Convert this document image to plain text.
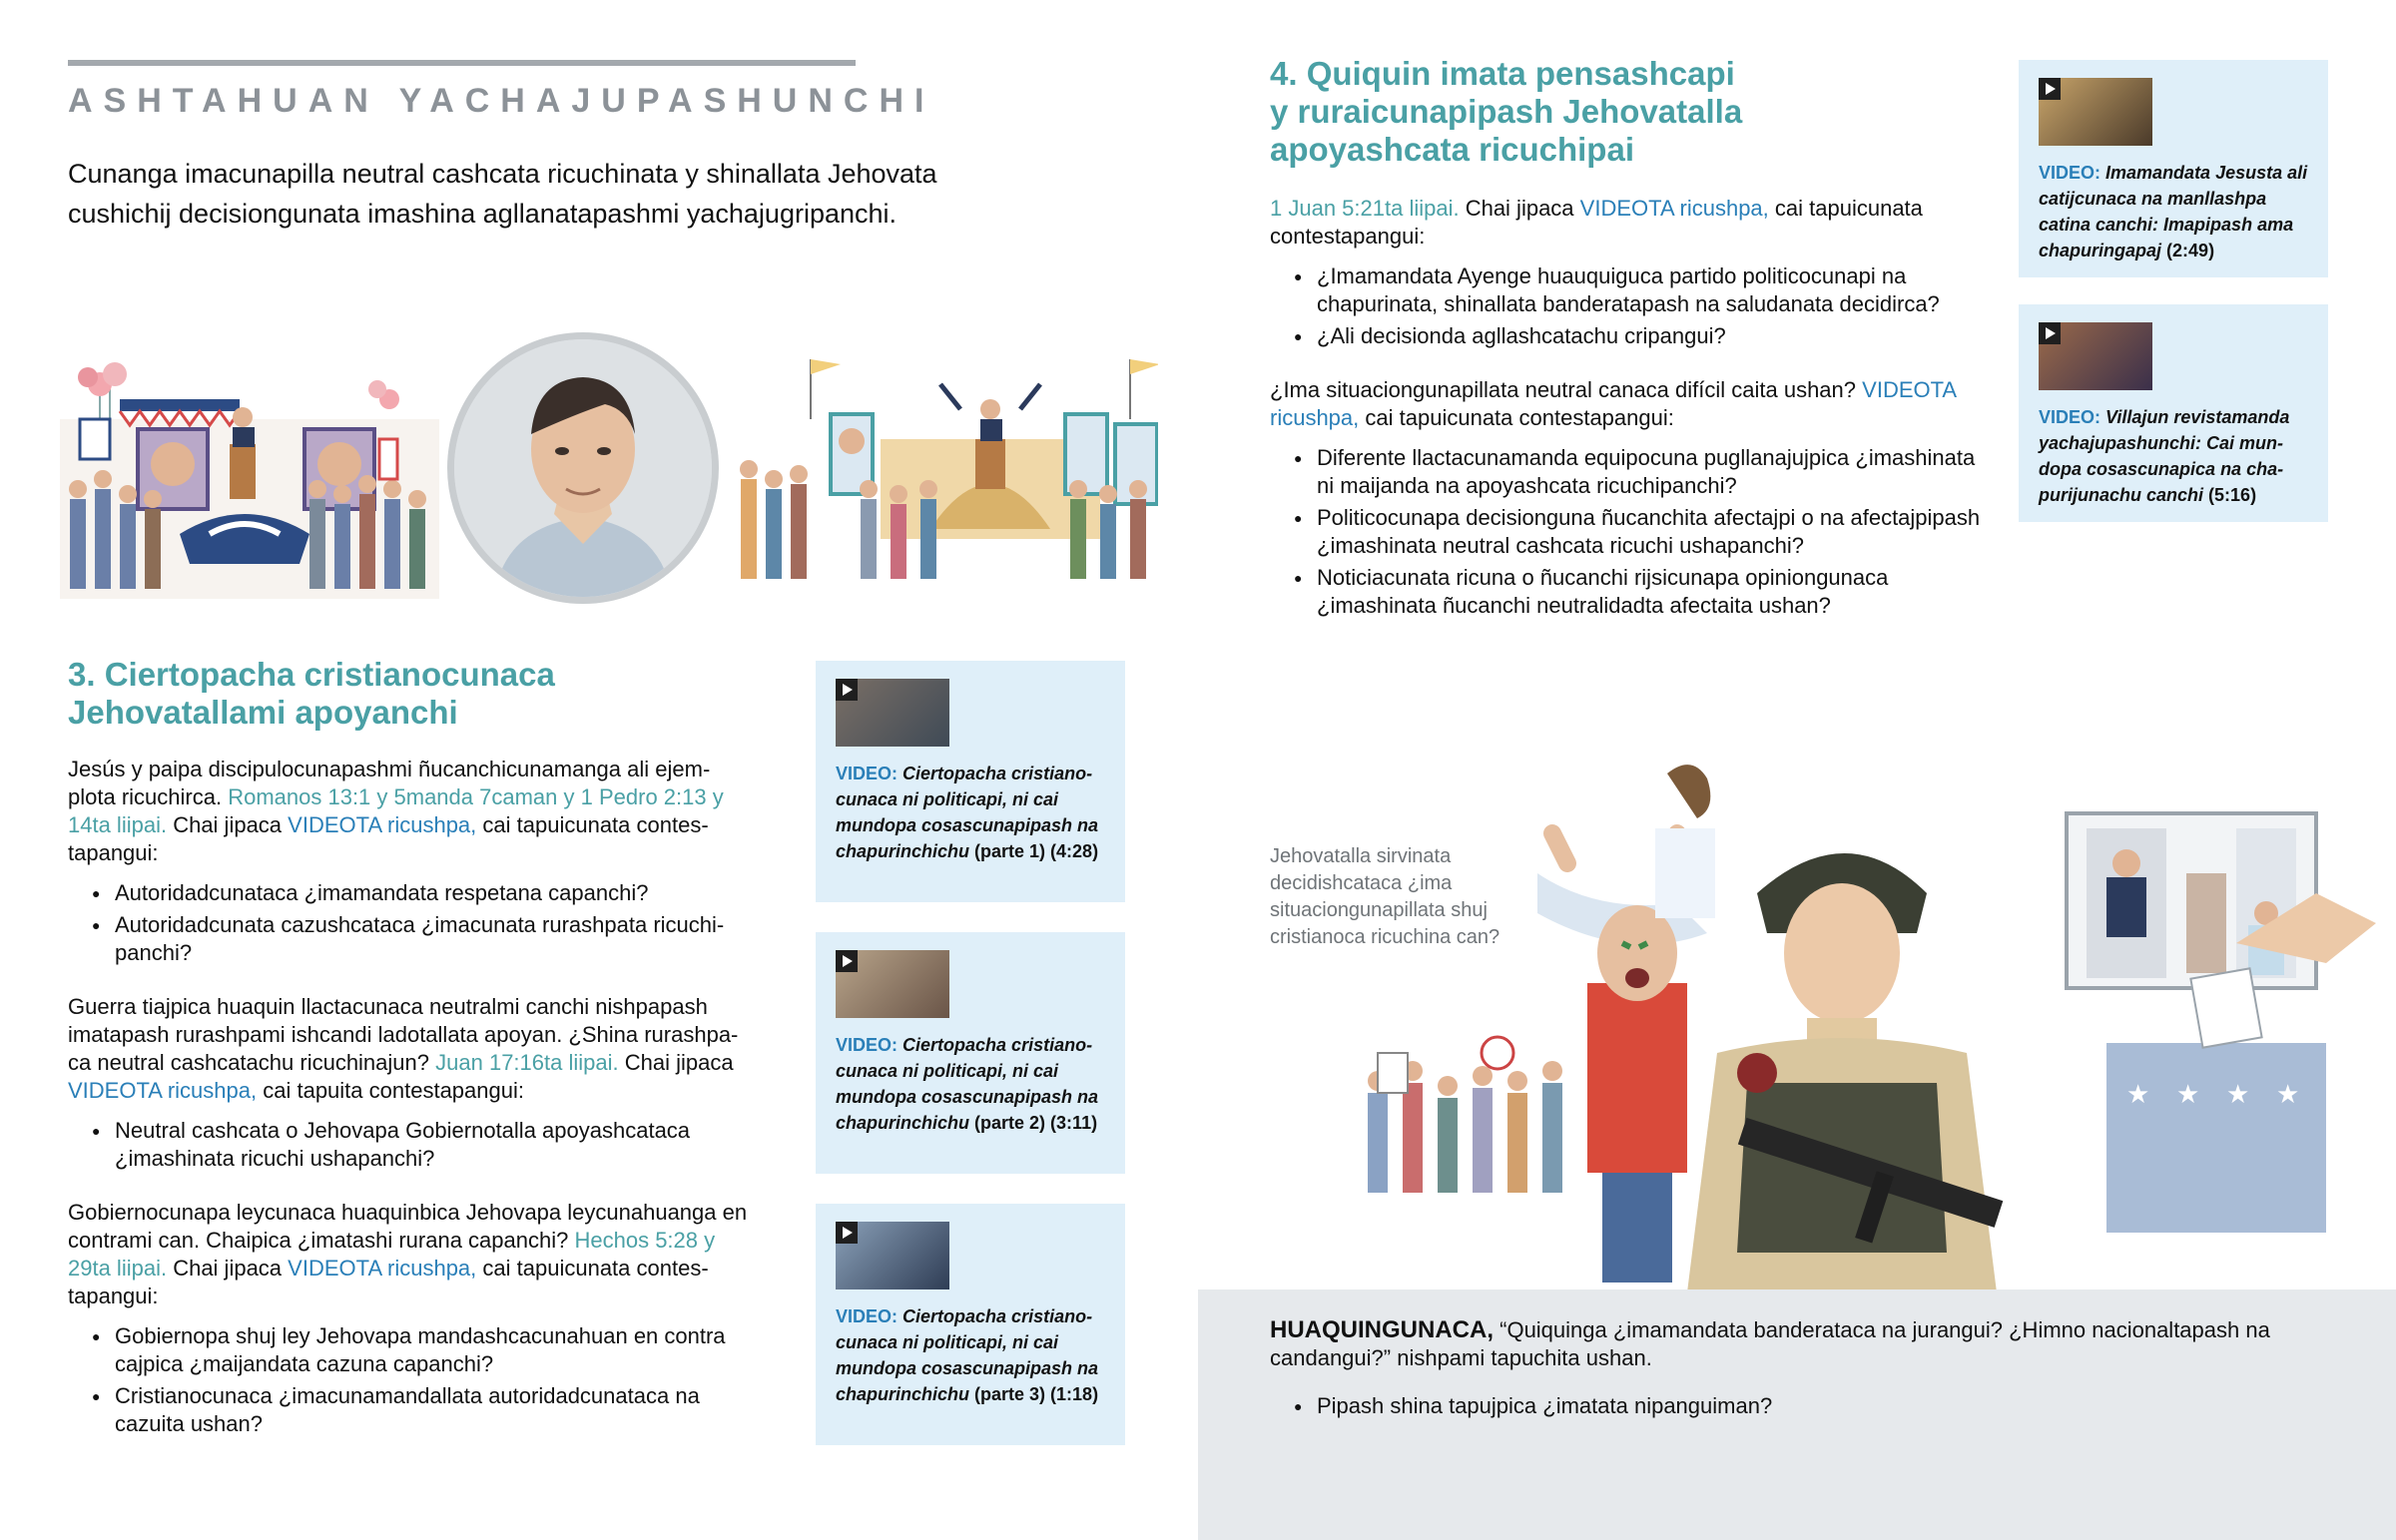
ASHTAHUAN YACHAJUPASHUNCHI
Cunanga imacunapilla neutral cashcata ricuchinata y shinallata Jehovata cushichij decisiongunata imashina agllanatapashmi yachajugripanchi.
3. Ciertopacha cristianocunaca
Jehovatallami apoyanchi

Jesús y paipa discipulocunapashmi ñucanchicunamanga ali ejem-plota ricuchirca. Romanos 13:1 y 5manda 7caman y 1 Pedro 2:13 y 14ta liipai. Chai jipaca VIDEOTA ricushpa, cai tapuicunata contes-tapangui:

● Autoridadcunataca ¿imamandata respetana capanchi?
● Autoridadcunata cazushcataca ¿imacunata rurashpata ricuchi-panchi?

Guerra tiajpica huaquin llactacunaca neutralmi canchi nishpapash imatapash rurashpami ishcandi ladotallata apoyan. ¿Shina rurashpa-ca neutral cashcatachu ricuchinajun? Juan 17:16ta liipai. Chai jipaca VIDEOTA ricushpa, cai tapuita contestapangui:

● Neutral cashcata o Jehovapa Gobiernotalla apoyashcataca ¿imashinata ricuchi ushapanchi?

Gobiernocunapa leycunaca huaquinbica Jehovapa leycunahuanga en contrami can. Chaipica ¿imatashi rurana capanchi? Hechos 5:28 y 29ta liipai. Chai jipaca VIDEOTA ricushpa, cai tapuicunata contes-tapangui:

● Gobiernopa shuj ley Jehovapa mandashcacunahuan en contra cajpica ¿maijandata cazuna capanchi?
● Cristianocunaca ¿imacunamandallata autoridadcunataca na cazuita ushan?
VIDEO: Ciertopacha cristiano-cunaca ni politicapi, ni cai mundopa cosascunapipash na chapurinchichu (parte 1) (4:28)
VIDEO: Ciertopacha cristiano-cunaca ni politicapi, ni cai mundopa cosascunapipash na chapurinchichu (parte 2) (3:11)
VIDEO: Ciertopacha cristiano-cunaca ni politicapi, ni cai mundopa cosascunapipash na chapurinchichu (parte 3) (1:18)
4. Quiquin imata pensashcapi
y ruraicunapipash Jehovatalla
apoyashcata ricuchipai

1 Juan 5:21ta liipai. Chai jipaca VIDEOTA ricushpa, cai tapuicunata contestapangui:

● ¿Imamandata Ayenge huauquiguca partido politicocunapi na chapurinata, shinallata banderatapash na saludanata decidirca?
● ¿Ali decisionda agllashcatachu cripangui?

¿Ima situaciongunapillata neutral canaca difícil caita ushan? VIDEOTA ricushpa, cai tapuicunata contestapangui:

● Diferente llactacunamanda equipocuna pugllanajujpica ¿imashinata ni maijanda na apoyashcata ricuchipanchi?
● Politicocunapa decisionguna ñucanchita afectajpi o na afectajpipash ¿imashinata neutral cashcata ricuchi ushapanchi?
● Noticiacunata ricuna o ñucanchi rijsicunapa opiniongunaca ¿imashinata ñucanchi neutralidadta afectaita ushan?
VIDEO: Imamandata Jesusta ali catijcunaca na manllashpa catina canchi: Imapipash ama chapuringapaj (2:49)
VIDEO: Villajun revistamanda yachajupashunchi: Cai mun-dopa cosascunapica na cha-purijunachu canchi (5:16)
Jehovatalla sirvinata decidishcataca ¿ima situaciongunapillata shuj cristianoca ricuchina can?
★ ★ ★ ★
HUAQUINGUNACA, “Quiquinga ¿imamandata banderataca na jurangui? ¿Himno nacionaltapash na candangui?” nishpami tapuchita ushan.
● Pipash shina tapujpica ¿imatata nipanguiman?
